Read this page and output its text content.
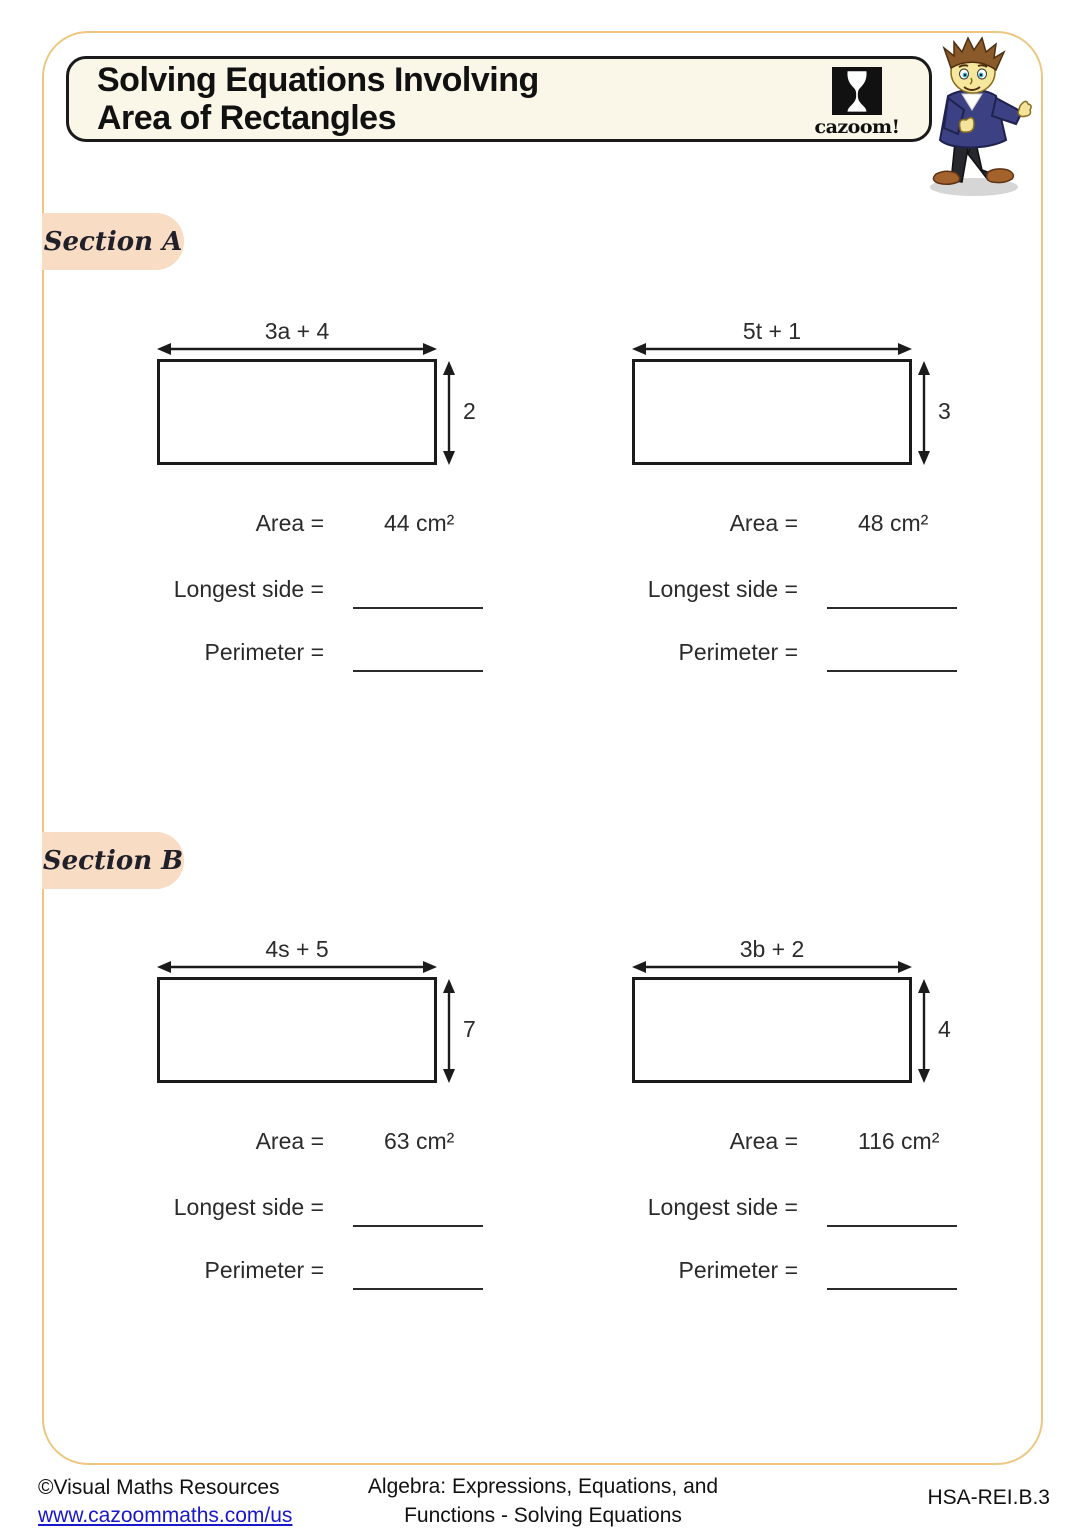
Solving Equations Involving
Area of Rectangles	cazoom!
Section A
Section B
3a + 4
2
5t + 1
3
4s + 5
7
3b + 2
4
Area =	44 cm²
Longest side =
Perimeter =
Area =	48 cm²
Longest side =
Perimeter =
Area =	63 cm²
Longest side =
Perimeter =
Area =	116 cm²
Longest side =
Perimeter =
©Visual Maths Resources
www.cazoommaths.com/us
Algebra: Expressions, Equations, and
Functions - Solving Equations
HSA-REI.B.3
